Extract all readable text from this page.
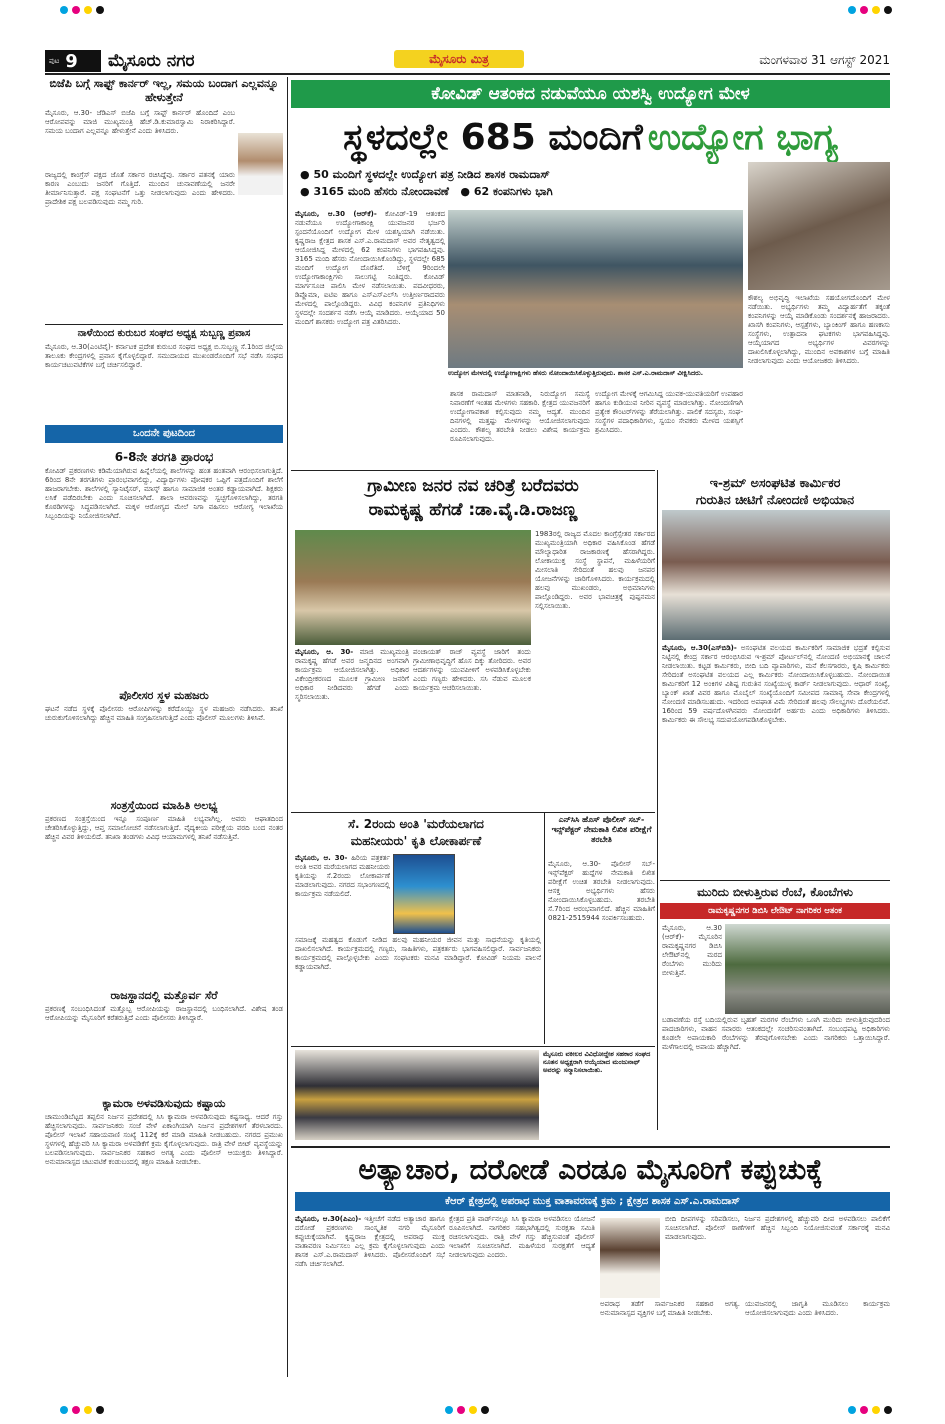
ಪುಟ 9 ಮೈಸೂರು ನಗರ	ಮೈಸೂರು ಮಿತ್ರ	ಮಂಗಳವಾರ 31 ಆಗಸ್ಟ್ 2021
ಬಿಜೆಪಿ ಬಗ್ಗೆ ಸಾಫ್ಟ್ ಕಾರ್ನರ್ ಇಲ್ಲ, ಸಮಯ ಬಂದಾಗ ಎಲ್ಲವನ್ನೂ ಹೇಳುತ್ತೇನೆ
ಮೈಸೂರು, ಆ.30- ಜೆಡಿಎಸ್ ಬಿಜೆಪಿ ಬಗ್ಗೆ ಸಾಫ್ಟ್ ಕಾರ್ನರ್ ಹೊಂದಿದೆ ಎಂಬ ಆರೋಪವನ್ನು ಮಾಜಿ ಮುಖ್ಯಮಂತ್ರಿ ಹೆಚ್.ಡಿ.ಕುಮಾರಸ್ವಾಮಿ ನಿರಾಕರಿಸಿದ್ದಾರೆ. ಸಮಯ ಬಂದಾಗ ಎಲ್ಲವನ್ನೂ ಹೇಳುತ್ತೇನೆ ಎಂದು ತಿಳಿಸಿದರು.
ರಾಜ್ಯದಲ್ಲಿ ಕಾಂಗ್ರೆಸ್ ಪಕ್ಷದ ಜೊತೆ ಸರ್ಕಾರ ರಚಿಸಿದ್ದೆವು. ಸರ್ಕಾರ ಪತನಕ್ಕೆ ಯಾರು ಕಾರಣ ಎಂಬುದು ಜನರಿಗೆ ಗೊತ್ತಿದೆ. ಮುಂದಿನ ಚುನಾವಣೆಯಲ್ಲಿ ಜನರೇ ತೀರ್ಮಾನಿಸುತ್ತಾರೆ. ಪಕ್ಷ ಸಂಘಟನೆಗೆ ಒತ್ತು ನೀಡಲಾಗುವುದು ಎಂದು ಹೇಳಿದರು. ಪ್ರಾದೇಶಿಕ ಪಕ್ಷ ಬಲಪಡಿಸುವುದು ನಮ್ಮ ಗುರಿ.
ನಾಳೆಯಿಂದ ಕುರುಬರ ಸಂಘದ ಅಧ್ಯಕ್ಷ ಸುಬ್ಬಣ್ಣ ಪ್ರವಾಸ
ಮೈಸೂರು, ಆ.30(ಎಂಟಿವೈ)- ಕರ್ನಾಟಕ ಪ್ರದೇಶ ಕುರುಬರ ಸಂಘದ ಅಧ್ಯಕ್ಷ ಬಿ.ಸುಬ್ಬಣ್ಣ ಸೆ.1ರಿಂದ ಜಿಲ್ಲೆಯ ತಾಲೂಕು ಕೇಂದ್ರಗಳಲ್ಲಿ ಪ್ರವಾಸ ಕೈಗೊಳ್ಳಲಿದ್ದಾರೆ. ಸಮುದಾಯದ ಮುಖಂಡರೊಂದಿಗೆ ಸಭೆ ನಡೆಸಿ ಸಂಘದ ಕಾರ್ಯಚಟುವಟಿಕೆಗಳ ಬಗ್ಗೆ ಚರ್ಚಿಸಲಿದ್ದಾರೆ.
ಒಂದನೇ ಪುಟದಿಂದ
6-8ನೇ ತರಗತಿ ಪ್ರಾರಂಭ
ಕೋವಿಡ್ ಪ್ರಕರಣಗಳು ಕಡಿಮೆಯಾಗಿರುವ ಹಿನ್ನೆಲೆಯಲ್ಲಿ ಶಾಲೆಗಳನ್ನು ಹಂತ ಹಂತವಾಗಿ ಆರಂಭಿಸಲಾಗುತ್ತಿದೆ. 6ರಿಂದ 8ನೇ ತರಗತಿಗಳು ಪ್ರಾರಂಭವಾಗಲಿದ್ದು, ವಿದ್ಯಾರ್ಥಿಗಳು ಪೋಷಕರ ಒಪ್ಪಿಗೆ ಪತ್ರದೊಂದಿಗೆ ಶಾಲೆಗೆ ಹಾಜರಾಗಬೇಕು. ಶಾಲೆಗಳಲ್ಲಿ ಸ್ಯಾನಿಟೈಸರ್, ಮಾಸ್ಕ್ ಹಾಗೂ ಸಾಮಾಜಿಕ ಅಂತರ ಕಡ್ಡಾಯವಾಗಿದೆ. ಶಿಕ್ಷಕರು ಲಸಿಕೆ ಪಡೆದಿರಬೇಕು ಎಂದು ಸೂಚಿಸಲಾಗಿದೆ. ಶಾಲಾ ಆವರಣವನ್ನು ಸ್ವಚ್ಛಗೊಳಿಸಲಾಗಿದ್ದು, ತರಗತಿ ಕೊಠಡಿಗಳನ್ನು ಸಿದ್ಧಪಡಿಸಲಾಗಿದೆ. ಮಕ್ಕಳ ಆರೋಗ್ಯದ ಮೇಲೆ ನಿಗಾ ವಹಿಸಲು ಆರೋಗ್ಯ ಇಲಾಖೆಯ ಸಿಬ್ಬಂದಿಯನ್ನು ನಿಯೋಜಿಸಲಾಗಿದೆ.
ಪೊಲೀಸರ ಸ್ಥಳ ಮಹಜರು
ಘಟನೆ ನಡೆದ ಸ್ಥಳಕ್ಕೆ ಪೊಲೀಸರು ಆರೋಪಿಗಳನ್ನು ಕರೆದೊಯ್ದು ಸ್ಥಳ ಮಹಜರು ನಡೆಸಿದರು. ತನಿಖೆ ಚುರುಕುಗೊಳಿಸಲಾಗಿದ್ದು ಹೆಚ್ಚಿನ ಮಾಹಿತಿ ಸಂಗ್ರಹಿಸಲಾಗುತ್ತಿದೆ ಎಂದು ಪೊಲೀಸ್ ಮೂಲಗಳು ತಿಳಿಸಿವೆ.
ಸಂತ್ರಸ್ತೆಯಿಂದ ಮಾಹಿತಿ ಅಲಭ್ಯ
ಪ್ರಕರಣದ ಸಂತ್ರಸ್ತೆಯಿಂದ ಇನ್ನೂ ಸಂಪೂರ್ಣ ಮಾಹಿತಿ ಲಭ್ಯವಾಗಿಲ್ಲ. ಅವರು ಆಘಾತದಿಂದ ಚೇತರಿಸಿಕೊಳ್ಳುತ್ತಿದ್ದು, ಆಪ್ತ ಸಮಾಲೋಚನೆ ನಡೆಸಲಾಗುತ್ತಿದೆ. ವೈದ್ಯಕೀಯ ಪರೀಕ್ಷೆಯ ವರದಿ ಬಂದ ನಂತರ ಹೆಚ್ಚಿನ ವಿವರ ತಿಳಿಯಲಿದೆ. ತನಿಖಾ ತಂಡಗಳು ವಿವಿಧ ಆಯಾಮಗಳಲ್ಲಿ ತನಿಖೆ ನಡೆಸುತ್ತಿವೆ.
ರಾಜಸ್ಥಾನದಲ್ಲಿ ಮತ್ತೊರ್ವ ಸೆರೆ
ಪ್ರಕರಣಕ್ಕೆ ಸಂಬಂಧಿಸಿದಂತೆ ಮತ್ತೊಬ್ಬ ಆರೋಪಿಯನ್ನು ರಾಜಸ್ಥಾನದಲ್ಲಿ ಬಂಧಿಸಲಾಗಿದೆ. ವಿಶೇಷ ತಂಡ ಆರೋಪಿಯನ್ನು ಮೈಸೂರಿಗೆ ಕರೆತರುತ್ತಿದೆ ಎಂದು ಪೊಲೀಸರು ತಿಳಿಸಿದ್ದಾರೆ.
ಕ್ಯಾಮರಾ ಅಳವಡಿಸುವುದು ಕಷ್ಟಾಯ
ಚಾಮುಂಡಿಬೆಟ್ಟದ ತಪ್ಪಲಿನ ನಿರ್ಜನ ಪ್ರದೇಶದಲ್ಲಿ ಸಿಸಿ ಕ್ಯಾಮರಾ ಅಳವಡಿಸುವುದು ಕಷ್ಟಸಾಧ್ಯ. ಆದರೆ ಗಸ್ತು ಹೆಚ್ಚಿಸಲಾಗುವುದು. ಸಾರ್ವಜನಿಕರು ಸಂಜೆ ವೇಳೆ ಏಕಾಂಗಿಯಾಗಿ ನಿರ್ಜನ ಪ್ರದೇಶಗಳಿಗೆ ತೆರಳಬಾರದು. ಪೊಲೀಸ್ ಇಲಾಖೆ ಸಹಾಯವಾಣಿ ಸಂಖ್ಯೆ 112ಕ್ಕೆ ಕರೆ ಮಾಡಿ ಮಾಹಿತಿ ನೀಡಬಹುದು. ನಗರದ ಪ್ರಮುಖ ಸ್ಥಳಗಳಲ್ಲಿ ಹೆಚ್ಚುವರಿ ಸಿಸಿ ಕ್ಯಾಮರಾ ಅಳವಡಿಕೆಗೆ ಕ್ರಮ ಕೈಗೊಳ್ಳಲಾಗುವುದು. ರಾತ್ರಿ ವೇಳೆ ಬೀಟ್ ವ್ಯವಸ್ಥೆಯನ್ನು ಬಲಪಡಿಸಲಾಗುವುದು. ಸಾರ್ವಜನಿಕರ ಸಹಕಾರ ಅಗತ್ಯ ಎಂದು ಪೊಲೀಸ್ ಆಯುಕ್ತರು ತಿಳಿಸಿದ್ದಾರೆ. ಅನುಮಾನಾಸ್ಪದ ಚಟುವಟಿಕೆ ಕಂಡುಬಂದಲ್ಲಿ ತಕ್ಷಣ ಮಾಹಿತಿ ನೀಡಬೇಕು.
ಕೋವಿಡ್ ಆತಂಕದ ನಡುವೆಯೂ ಯಶಸ್ವಿ ಉದ್ಯೋಗ ಮೇಳ
ಸ್ಥಳದಲ್ಲೇ 685 ಮಂದಿಗೆ ಉದ್ಯೋಗ ಭಾಗ್ಯ
● 50 ಮಂದಿಗೆ ಸ್ಥಳದಲ್ಲೇ ಉದ್ಯೋಗ ಪತ್ರ ನೀಡಿದ ಶಾಸಕ ರಾಮದಾಸ್
● 3165 ಮಂದಿ ಹೆಸರು ನೋಂದಾವಣೆ ● 62 ಕಂಪನಿಗಳು ಭಾಗಿ
ಮೈಸೂರು, ಆ.30 (ಆರ್‌ಕೆ)- ಕೋವಿಡ್-19 ಆತಂಕದ ನಡುವೆಯೂ ಉದ್ಯೋಗಾಕಾಂಕ್ಷಿ ಯುವಜನರ ಭರ್ಜರಿ ಸ್ಪಂದನೆಯೊಂದಿಗೆ ಉದ್ಯೋಗ ಮೇಳ ಯಶಸ್ವಿಯಾಗಿ ನಡೆಯಿತು. ಕೃಷ್ಣರಾಜ ಕ್ಷೇತ್ರದ ಶಾಸಕ ಎಸ್.ಎ.ರಾಮದಾಸ್ ಅವರ ನೇತೃತ್ವದಲ್ಲಿ ಆಯೋಜಿಸಿದ್ದ ಮೇಳದಲ್ಲಿ 62 ಕಂಪನಿಗಳು ಭಾಗವಹಿಸಿದ್ದವು. 3165 ಮಂದಿ ಹೆಸರು ನೋಂದಾಯಿಸಿಕೊಂಡಿದ್ದು, ಸ್ಥಳದಲ್ಲೇ 685 ಮಂದಿಗೆ ಉದ್ಯೋಗ ದೊರೆತಿದೆ. ಬೆಳಿಗ್ಗೆ 9ರಿಂದಲೇ ಉದ್ಯೋಗಾಕಾಂಕ್ಷಿಗಳು ಸಾಲುಗಟ್ಟಿ ನಿಂತಿದ್ದರು. ಕೋವಿಡ್ ಮಾರ್ಗಸೂಚಿ ಪಾಲಿಸಿ ಮೇಳ ನಡೆಸಲಾಯಿತು. ಪದವೀಧರರು, ಡಿಪ್ಲೊಮಾ, ಐಟಿಐ ಹಾಗೂ ಎಸ್‌ಎಸ್‌ಎಲ್‌ಸಿ ಉತ್ತೀರ್ಣರಾದವರು ಮೇಳದಲ್ಲಿ ಪಾಲ್ಗೊಂಡಿದ್ದರು. ವಿವಿಧ ಕಂಪನಿಗಳ ಪ್ರತಿನಿಧಿಗಳು ಸ್ಥಳದಲ್ಲೇ ಸಂದರ್ಶನ ನಡೆಸಿ ಆಯ್ಕೆ ಮಾಡಿದರು. ಆಯ್ಕೆಯಾದ 50 ಮಂದಿಗೆ ಶಾಸಕರು ಉದ್ಯೋಗ ಪತ್ರ ವಿತರಿಸಿದರು.
ಉದ್ಯೋಗ ಮೇಳದಲ್ಲಿ ಉದ್ಯೋಗಾಕ್ಷಿಗಳು ಹೆಸರು ನೋಂದಾಯಿಸಿಕೊಳ್ಳುತ್ತಿರುವುದು. ಶಾಸಕ ಎಸ್.ಎ.ರಾಮದಾಸ್ ವೀಕ್ಷಿಸಿದರು.
ಶಾಸಕ ರಾಮದಾಸ್ ಮಾತನಾಡಿ, ನಿರುದ್ಯೋಗ ಸಮಸ್ಯೆ ನಿವಾರಣೆಗೆ ಇಂತಹ ಮೇಳಗಳು ಸಹಕಾರಿ. ಕ್ಷೇತ್ರದ ಯುವಜನರಿಗೆ ಉದ್ಯೋಗಾವಕಾಶ ಕಲ್ಪಿಸುವುದು ನಮ್ಮ ಆದ್ಯತೆ. ಮುಂದಿನ ದಿನಗಳಲ್ಲಿ ಮತ್ತಷ್ಟು ಮೇಳಗಳನ್ನು ಆಯೋಜಿಸಲಾಗುವುದು ಎಂದರು. ಕೌಶಲ್ಯ ತರಬೇತಿ ನೀಡಲು ವಿಶೇಷ ಕಾರ್ಯಕ್ರಮ ರೂಪಿಸಲಾಗುವುದು.
ಉದ್ಯೋಗ ಮೇಳಕ್ಕೆ ಆಗಮಿಸಿದ್ದ ಯುವಕ-ಯುವತಿಯರಿಗೆ ಉಪಹಾರ ಹಾಗೂ ಕುಡಿಯುವ ನೀರಿನ ವ್ಯವಸ್ಥೆ ಮಾಡಲಾಗಿತ್ತು. ನೋಂದಣಿಗಾಗಿ ಪ್ರತ್ಯೇಕ ಕೌಂಟರ್‌ಗಳನ್ನು ತೆರೆಯಲಾಗಿತ್ತು. ಪಾಲಿಕೆ ಸದಸ್ಯರು, ಸಂಘ-ಸಂಸ್ಥೆಗಳ ಪದಾಧಿಕಾರಿಗಳು, ಸ್ವಯಂ ಸೇವಕರು ಮೇಳದ ಯಶಸ್ಸಿಗೆ ಶ್ರಮಿಸಿದರು.
ಕೌಶಲ್ಯ ಅಭಿವೃದ್ಧಿ ಇಲಾಖೆಯ ಸಹಯೋಗದೊಂದಿಗೆ ಮೇಳ ನಡೆಯಿತು. ಅಭ್ಯರ್ಥಿಗಳು ತಮ್ಮ ವಿದ್ಯಾರ್ಹತೆಗೆ ತಕ್ಕಂತೆ ಕಂಪನಿಗಳನ್ನು ಆಯ್ಕೆ ಮಾಡಿಕೊಂಡು ಸಂದರ್ಶನಕ್ಕೆ ಹಾಜರಾದರು. ಖಾಸಗಿ ಕಂಪನಿಗಳು, ಆಸ್ಪತ್ರೆಗಳು, ಬ್ಯಾಂಕಿಂಗ್ ಹಾಗೂ ಹಣಕಾಸು ಸಂಸ್ಥೆಗಳು, ಉತ್ಪಾದನಾ ಘಟಕಗಳು ಭಾಗವಹಿಸಿದ್ದವು. ಆಯ್ಕೆಯಾಗದ ಅಭ್ಯರ್ಥಿಗಳ ವಿವರಗಳನ್ನು ದಾಖಲಿಸಿಕೊಳ್ಳಲಾಗಿದ್ದು, ಮುಂದಿನ ಅವಕಾಶಗಳ ಬಗ್ಗೆ ಮಾಹಿತಿ ನೀಡಲಾಗುವುದು ಎಂದು ಆಯೋಜಕರು ತಿಳಿಸಿದರು.
ಗ್ರಾಮೀಣ ಜನರ ನವ ಚರಿತ್ರೆ ಬರೆದವರು
ರಾಮಕೃಷ್ಣ ಹೆಗಡೆ :ಡಾ.ವೈ.ಡಿ.ರಾಜಣ್ಣ
ಮೈಸೂರು, ಆ. 30- ಮಾಜಿ ಮುಖ್ಯಮಂತ್ರಿ ರಾಮಕೃಷ್ಣ ಹೆಗಡೆ ಅವರ ಜನ್ಮದಿನದ ಅಂಗವಾಗಿ ಕಾರ್ಯಕ್ರಮ ಆಯೋಜಿಸಲಾಗಿತ್ತು. ಅಧಿಕಾರ ವಿಕೇಂದ್ರೀಕರಣದ ಮೂಲಕ ಗ್ರಾಮೀಣ ಜನರಿಗೆ ಅಧಿಕಾರ ನೀಡಿದವರು ಹೆಗಡೆ ಎಂದು ಸ್ಮರಿಸಲಾಯಿತು.
ಪಂಚಾಯತ್ ರಾಜ್ ವ್ಯವಸ್ಥೆ ಜಾರಿಗೆ ತಂದು ಗ್ರಾಮೀಣಾಭಿವೃದ್ಧಿಗೆ ಹೊಸ ದಿಕ್ಕು ತೋರಿದರು. ಅವರ ಆದರ್ಶಗಳನ್ನು ಯುವಪೀಳಿಗೆ ಅಳವಡಿಸಿಕೊಳ್ಳಬೇಕು ಎಂದು ಗಣ್ಯರು ಹೇಳಿದರು. ಸಸಿ ನೆಡುವ ಮೂಲಕ ಕಾರ್ಯಕ್ರಮ ಆಚರಿಸಲಾಯಿತು.
1983ರಲ್ಲಿ ರಾಜ್ಯದ ಮೊದಲ ಕಾಂಗ್ರೆಸ್ಸೇತರ ಸರ್ಕಾರದ ಮುಖ್ಯಮಂತ್ರಿಯಾಗಿ ಅಧಿಕಾರ ವಹಿಸಿಕೊಂಡ ಹೆಗಡೆ ಮೌಲ್ಯಾಧಾರಿತ ರಾಜಕಾರಣಕ್ಕೆ ಹೆಸರಾಗಿದ್ದರು. ಲೋಕಾಯುಕ್ತ ಸಂಸ್ಥೆ ಸ್ಥಾಪನೆ, ಮಹಿಳೆಯರಿಗೆ ಮೀಸಲಾತಿ ಸೇರಿದಂತೆ ಹಲವು ಜನಪರ ಯೋಜನೆಗಳನ್ನು ಜಾರಿಗೊಳಿಸಿದರು. ಕಾರ್ಯಕ್ರಮದಲ್ಲಿ ಹಲವು ಮುಖಂಡರು, ಅಭಿಮಾನಿಗಳು ಪಾಲ್ಗೊಂಡಿದ್ದರು. ಅವರ ಭಾವಚಿತ್ರಕ್ಕೆ ಪುಷ್ಪನಮನ ಸಲ್ಲಿಸಲಾಯಿತು.
ಇ-ಶ್ರಮ್ ಅಸಂಘಟಿತ ಕಾರ್ಮಿಕರ
ಗುರುತಿನ ಚೀಟಿಗೆ ನೋಂದಣಿ ಅಭಿಯಾನ
ಮೈಸೂರು, ಆ.30(ಎಸ್‌ಬಿಡಿ)- ಅಸಂಘಟಿತ ವಲಯದ ಕಾರ್ಮಿಕರಿಗೆ ಸಾಮಾಜಿಕ ಭದ್ರತೆ ಕಲ್ಪಿಸುವ ನಿಟ್ಟಿನಲ್ಲಿ ಕೇಂದ್ರ ಸರ್ಕಾರ ಆರಂಭಿಸಿರುವ ಇ-ಶ್ರಮ್ ಪೋರ್ಟಲ್‌ನಲ್ಲಿ ನೋಂದಣಿ ಅಭಿಯಾನಕ್ಕೆ ಚಾಲನೆ ನೀಡಲಾಯಿತು. ಕಟ್ಟಡ ಕಾರ್ಮಿಕರು, ಬೀದಿ ಬದಿ ವ್ಯಾಪಾರಿಗಳು, ಮನೆ ಕೆಲಸಗಾರರು, ಕೃಷಿ ಕಾರ್ಮಿಕರು ಸೇರಿದಂತೆ ಅಸಂಘಟಿತ ವಲಯದ ಎಲ್ಲ ಕಾರ್ಮಿಕರು ನೋಂದಾಯಿಸಿಕೊಳ್ಳಬಹುದು. ನೋಂದಾಯಿತ ಕಾರ್ಮಿಕರಿಗೆ 12 ಅಂಕಿಗಳ ವಿಶಿಷ್ಟ ಗುರುತಿನ ಸಂಖ್ಯೆಯುಳ್ಳ ಕಾರ್ಡ್ ನೀಡಲಾಗುವುದು. ಆಧಾರ್ ಸಂಖ್ಯೆ, ಬ್ಯಾಂಕ್ ಖಾತೆ ವಿವರ ಹಾಗೂ ಮೊಬೈಲ್ ಸಂಖ್ಯೆಯೊಂದಿಗೆ ಸಮೀಪದ ಸಾಮಾನ್ಯ ಸೇವಾ ಕೇಂದ್ರಗಳಲ್ಲಿ ನೋಂದಣಿ ಮಾಡಿಸಬಹುದು. ಇದರಿಂದ ಅಪಘಾತ ವಿಮೆ ಸೇರಿದಂತೆ ಹಲವು ಸೌಲಭ್ಯಗಳು ದೊರೆಯಲಿವೆ. 16ರಿಂದ 59 ವರ್ಷದೊಳಗಿನವರು ನೋಂದಣಿಗೆ ಅರ್ಹರು ಎಂದು ಅಧಿಕಾರಿಗಳು ತಿಳಿಸಿದರು. ಕಾರ್ಮಿಕರು ಈ ಸೌಲಭ್ಯ ಸದುಪಯೋಗಪಡಿಸಿಕೊಳ್ಳಬೇಕು.
ಸೆ. 2ರಂದು ಅಂತಿ 'ಮರೆಯಲಾಗದ
ಮಹನೀಯರು' ಕೃತಿ ಲೋಕಾರ್ಪಣೆ
ಮೈಸೂರು, ಆ. 30- ಹಿರಿಯ ಪತ್ರಕರ್ತ ಅಂತಿ ಅವರ ಮರೆಯಲಾಗದ ಮಹನೀಯರು ಕೃತಿಯನ್ನು ಸೆ.2ರಂದು ಲೋಕಾರ್ಪಣೆ ಮಾಡಲಾಗುವುದು. ನಗರದ ಸಭಾಂಗಣದಲ್ಲಿ ಕಾರ್ಯಕ್ರಮ ನಡೆಯಲಿದೆ.
ಸಮಾಜಕ್ಕೆ ಮಹತ್ವದ ಕೊಡುಗೆ ನೀಡಿದ ಹಲವು ಮಹನೀಯರ ಜೀವನ ಮತ್ತು ಸಾಧನೆಯನ್ನು ಕೃತಿಯಲ್ಲಿ ದಾಖಲಿಸಲಾಗಿದೆ. ಕಾರ್ಯಕ್ರಮದಲ್ಲಿ ಗಣ್ಯರು, ಸಾಹಿತಿಗಳು, ಪತ್ರಕರ್ತರು ಭಾಗವಹಿಸಲಿದ್ದಾರೆ. ಸಾರ್ವಜನಿಕರು ಕಾರ್ಯಕ್ರಮದಲ್ಲಿ ಪಾಲ್ಗೊಳ್ಳಬೇಕು ಎಂದು ಸಂಘಟಕರು ಮನವಿ ಮಾಡಿದ್ದಾರೆ. ಕೋವಿಡ್ ನಿಯಮ ಪಾಲನೆ ಕಡ್ಡಾಯವಾಗಿದೆ.
ಎನ್‌ಸಿಸಿ ಹೊಸ್ ಪೊಲೀಸ್ ಸಬ್-ಇನ್ಸ್‌ಪೆಕ್ಟರ್ ನೇಮಕಾತಿ ಲಿಖಿತ ಪರೀಕ್ಷೆಗೆ ತರಬೇತಿ
ಮೈಸೂರು, ಆ.30- ಪೊಲೀಸ್ ಸಬ್-ಇನ್ಸ್‌ಪೆಕ್ಟರ್ ಹುದ್ದೆಗಳ ನೇಮಕಾತಿ ಲಿಖಿತ ಪರೀಕ್ಷೆಗೆ ಉಚಿತ ತರಬೇತಿ ನೀಡಲಾಗುವುದು. ಆಸಕ್ತ ಅಭ್ಯರ್ಥಿಗಳು ಹೆಸರು ನೋಂದಾಯಿಸಿಕೊಳ್ಳಬಹುದು. ತರಬೇತಿ ಸೆ.7ರಿಂದ ಆರಂಭವಾಗಲಿದೆ. ಹೆಚ್ಚಿನ ಮಾಹಿತಿಗೆ 0821-2515944 ಸಂಪರ್ಕಿಸಬಹುದು.
ಮುರಿದು ಬೀಳುತ್ತಿರುವ ರೆಂಬೆ, ಕೊಂಬೆಗಳು
ರಾಮಕೃಷ್ಣನಗರ ಡಿಬಿಸಿ ಲೇಔಟ್ ನಾಗರಿಕರ ಆತಂಕ
ಮೈಸೂರು, ಆ.30 (ಆರ್‌ಕೆ)- ಮೈಸೂರಿನ ರಾಮಕೃಷ್ಣನಗರ ಡಿಬಿಸಿ ಲೇಔಟ್‌ನಲ್ಲಿ ಮರದ ರೆಂಬೆಗಳು ಮುರಿದು ಬೀಳುತ್ತಿವೆ.
ಬಡಾವಣೆಯ ರಸ್ತೆ ಬದಿಯಲ್ಲಿರುವ ಬೃಹತ್ ಮರಗಳ ರೆಂಬೆಗಳು ಒಣಗಿ ಮುರಿದು ಬೀಳುತ್ತಿರುವುದರಿಂದ ಪಾದಚಾರಿಗಳು, ವಾಹನ ಸವಾರರು ಆತಂಕದಲ್ಲೇ ಸಂಚರಿಸುವಂತಾಗಿದೆ. ಸಂಬಂಧಪಟ್ಟ ಅಧಿಕಾರಿಗಳು ಕೂಡಲೇ ಅಪಾಯಕಾರಿ ರೆಂಬೆಗಳನ್ನು ತೆರವುಗೊಳಿಸಬೇಕು ಎಂದು ನಾಗರಿಕರು ಒತ್ತಾಯಿಸಿದ್ದಾರೆ. ಮಳೆಗಾಲದಲ್ಲಿ ಅಪಾಯ ಹೆಚ್ಚಾಗಿದೆ.
ಮೈಸೂರು ವಕೀಲರ ವಿವಿಧೋದ್ದೇಶ ಸಹಕಾರ ಸಂಘದ ನೂತನ ಅಧ್ಯಕ್ಷರಾಗಿ ಆಯ್ಕೆಯಾದ ಮಂಜುನಾಥ್ ಅವರನ್ನು ಸನ್ಮಾನಿಸಲಾಯಿತು.
ಅತ್ಯಾಚಾರ, ದರೋಡೆ ಎರಡೂ ಮೈಸೂರಿಗೆ ಕಪ್ಪುಚುಕ್ಕೆ
ಕೆಆರ್ ಕ್ಷೇತ್ರದಲ್ಲಿ ಅಪರಾಧ ಮುಕ್ತ ವಾತಾವರಣಕ್ಕೆ ಕ್ರಮ ; ಕ್ಷೇತ್ರದ ಶಾಸಕ ಎಸ್.ಎ.ರಾಮದಾಸ್
ಮೈಸೂರು, ಆ.30(ಪಿಎಂ)- ಇತ್ತೀಚೆಗೆ ನಡೆದ ಅತ್ಯಾಚಾರ ಹಾಗೂ ದರೋಡೆ ಪ್ರಕರಣಗಳು ಸಾಂಸ್ಕೃತಿಕ ನಗರಿ ಮೈಸೂರಿಗೆ ಕಪ್ಪುಚುಕ್ಕೆಯಾಗಿವೆ. ಕೃಷ್ಣರಾಜ ಕ್ಷೇತ್ರದಲ್ಲಿ ಅಪರಾಧ ಮುಕ್ತ ವಾತಾವರಣ ನಿರ್ಮಿಸಲು ಎಲ್ಲ ಕ್ರಮ ಕೈಗೊಳ್ಳಲಾಗುವುದು ಎಂದು ಶಾಸಕ ಎಸ್.ಎ.ರಾಮದಾಸ್ ತಿಳಿಸಿದರು. ಪೊಲೀಸರೊಂದಿಗೆ ಸಭೆ ನಡೆಸಿ ಚರ್ಚಿಸಲಾಗಿದೆ.
ಕ್ಷೇತ್ರದ ಪ್ರತಿ ವಾರ್ಡ್‌ನಲ್ಲೂ ಸಿಸಿ ಕ್ಯಾಮರಾ ಅಳವಡಿಸಲು ಯೋಜನೆ ರೂಪಿಸಲಾಗಿದೆ. ನಾಗರಿಕರ ಸಹಭಾಗಿತ್ವದಲ್ಲಿ ಸುರಕ್ಷತಾ ಸಮಿತಿ ರಚಿಸಲಾಗುವುದು. ರಾತ್ರಿ ವೇಳೆ ಗಸ್ತು ಹೆಚ್ಚಿಸುವಂತೆ ಪೊಲೀಸ್ ಇಲಾಖೆಗೆ ಸೂಚಿಸಲಾಗಿದೆ. ಮಹಿಳೆಯರ ಸುರಕ್ಷತೆಗೆ ಆದ್ಯತೆ ನೀಡಲಾಗುವುದು ಎಂದರು.
ಅಪರಾಧ ತಡೆಗೆ ಸಾರ್ವಜನಿಕರ ಸಹಕಾರ ಅಗತ್ಯ. ಅನುಮಾನಾಸ್ಪದ ವ್ಯಕ್ತಿಗಳ ಬಗ್ಗೆ ಮಾಹಿತಿ ನೀಡಬೇಕು.
ಬೀದಿ ದೀಪಗಳನ್ನು ಸರಿಪಡಿಸಲು, ನಿರ್ಜನ ಪ್ರದೇಶಗಳಲ್ಲಿ ಹೆಚ್ಚುವರಿ ದೀಪ ಅಳವಡಿಸಲು ಪಾಲಿಕೆಗೆ ಸೂಚಿಸಲಾಗಿದೆ. ಪೊಲೀಸ್ ಠಾಣೆಗಳಿಗೆ ಹೆಚ್ಚಿನ ಸಿಬ್ಬಂದಿ ನಿಯೋಜಿಸುವಂತೆ ಸರ್ಕಾರಕ್ಕೆ ಮನವಿ ಮಾಡಲಾಗುವುದು.
ಯುವಜನರಲ್ಲಿ ಜಾಗೃತಿ ಮೂಡಿಸಲು ಕಾರ್ಯಕ್ರಮ ಆಯೋಜಿಸಲಾಗುವುದು ಎಂದು ತಿಳಿಸಿದರು.
